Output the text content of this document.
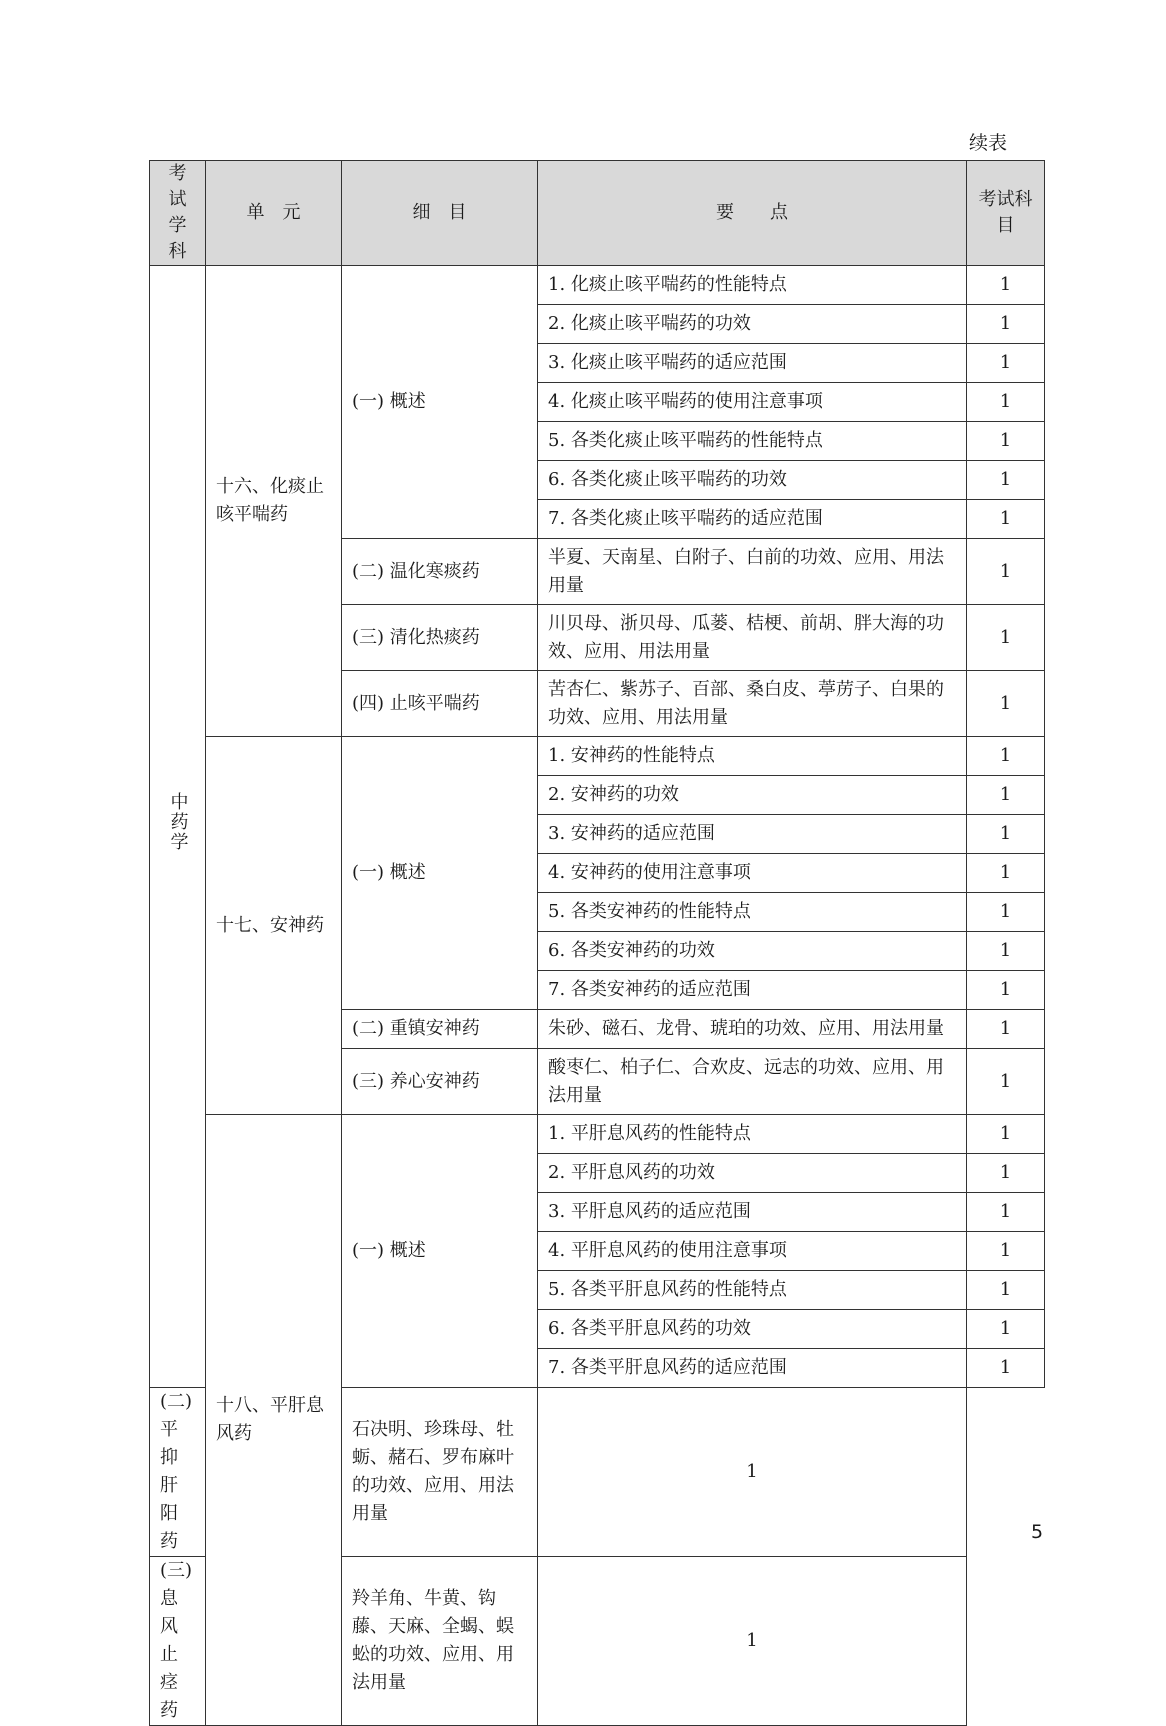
续表
考试学科	单　元	细　目	要　　点	考试科目
中药学	十六、化痰止咳平喘药	(一) 概述	1. 化痰止咳平喘药的性能特点	1
			2. 化痰止咳平喘药的功效	1
			3. 化痰止咳平喘药的适应范围	1
			4. 化痰止咳平喘药的使用注意事项	1
			5. 各类化痰止咳平喘药的性能特点	1
			6. 各类化痰止咳平喘药的功效	1
			7. 各类化痰止咳平喘药的适应范围	1
		(二) 温化寒痰药	半夏、天南星、白附子、白前的功效、应用、用法用量	1
		(三) 清化热痰药	川贝母、浙贝母、瓜蒌、桔梗、前胡、胖大海的功效、应用、用法用量	1
		(四) 止咳平喘药	苦杏仁、紫苏子、百部、桑白皮、葶苈子、白果的功效、应用、用法用量	1
	十七、安神药	(一) 概述	1. 安神药的性能特点	1
			2. 安神药的功效	1
			3. 安神药的适应范围	1
			4. 安神药的使用注意事项	1
			5. 各类安神药的性能特点	1
			6. 各类安神药的功效	1
			7. 各类安神药的适应范围	1
		(二) 重镇安神药	朱砂、磁石、龙骨、琥珀的功效、应用、用法用量	1
		(三) 养心安神药	酸枣仁、柏子仁、合欢皮、远志的功效、应用、用法用量	1
	十八、平肝息风药	(一) 概述	1. 平肝息风药的性能特点	1
			2. 平肝息风药的功效	1
			3. 平肝息风药的适应范围	1
			4. 平肝息风药的使用注意事项	1
			5. 各类平肝息风药的性能特点	1
			6. 各类平肝息风药的功效	1
			7. 各类平肝息风药的适应范围	1
(二) 平抑肝阳药		石决明、珍珠母、牡蛎、赭石、罗布麻叶的功效、应用、用法用量	1	
(三) 息风止痉药		羚羊角、牛黄、钩藤、天麻、全蝎、蜈蚣的功效、应用、用法用量	1	
5
